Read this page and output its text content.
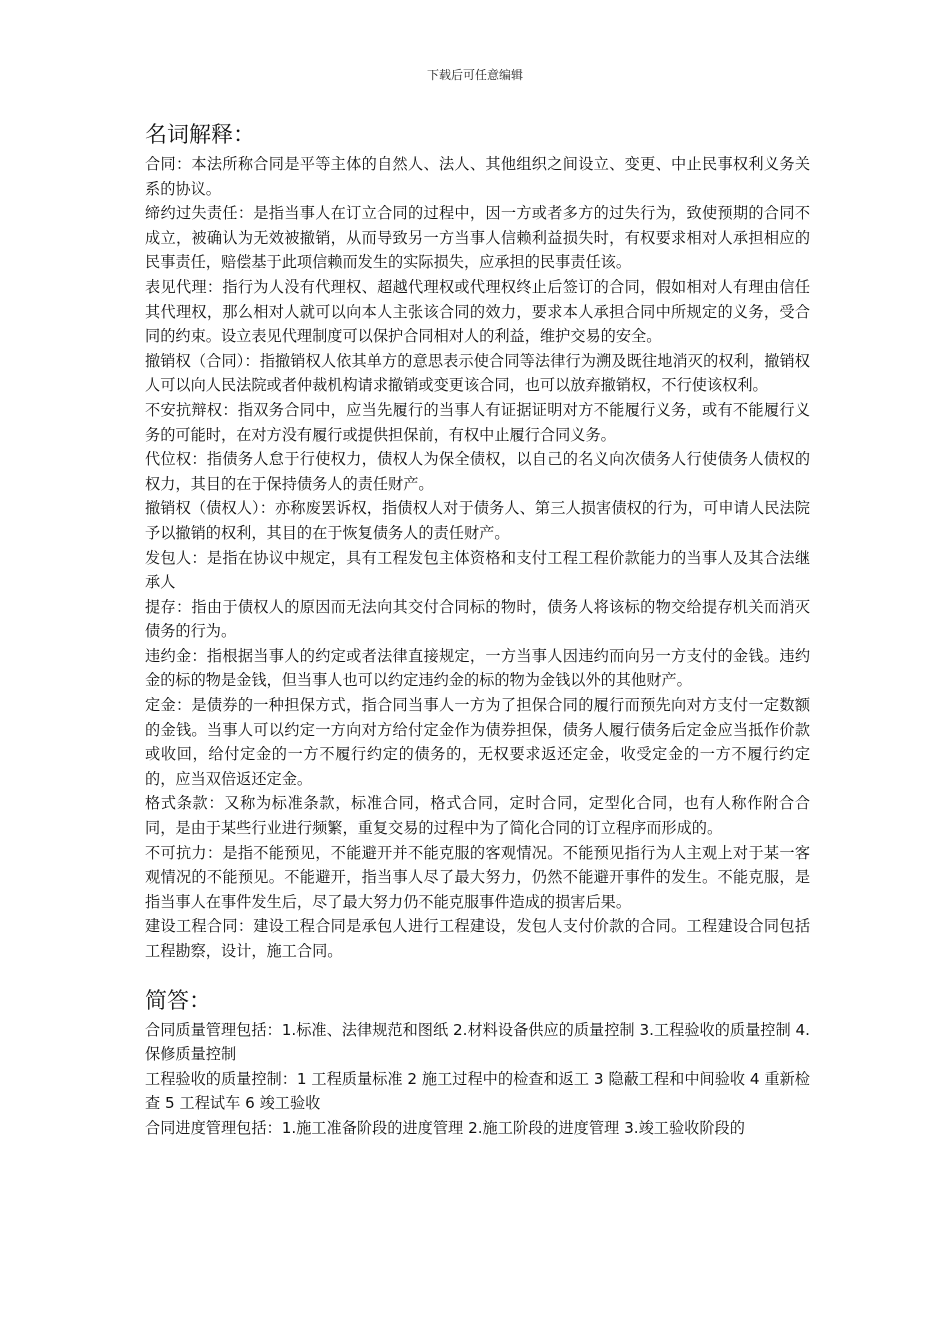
下载后可任意编辑
名词解释：

合同：本法所称合同是平等主体的自然人、法人、其他组织之间设立、变更、中止民事权利义务关系的协议。

缔约过失责任：是指当事人在订立合同的过程中，因一方或者多方的过失行为，致使预期的合同不成立，被确认为无效被撤销，从而导致另一方当事人信赖利益损失时，有权要求相对人承担相应的民事责任，赔偿基于此项信赖而发生的实际损失，应承担的民事责任该。

表见代理：指行为人没有代理权、超越代理权或代理权终止后签订的合同，假如相对人有理由信任其代理权，那么相对人就可以向本人主张该合同的效力，要求本人承担合同中所规定的义务，受合同的约束。设立表见代理制度可以保护合同相对人的利益，维护交易的安全。

撤销权（合同）：指撤销权人依其单方的意思表示使合同等法律行为溯及既往地消灭的权利，撤销权人可以向人民法院或者仲裁机构请求撤销或变更该合同，也可以放弃撤销权，不行使该权利。

不安抗辩权：指双务合同中，应当先履行的当事人有证据证明对方不能履行义务，或有不能履行义务的可能时，在对方没有履行或提供担保前，有权中止履行合同义务。

代位权：指债务人怠于行使权力，债权人为保全债权，以自己的名义向次债务人行使债务人债权的权力，其目的在于保持债务人的责任财产。

撤销权（债权人）：亦称废罢诉权，指债权人对于债务人、第三人损害债权的行为，可申请人民法院予以撤销的权利，其目的在于恢复债务人的责任财产。

发包人：是指在协议中规定，具有工程发包主体资格和支付工程工程价款能力的当事人及其合法继承人

提存：指由于债权人的原因而无法向其交付合同标的物时，债务人将该标的物交给提存机关而消灭债务的行为。

违约金：指根据当事人的约定或者法律直接规定，一方当事人因违约而向另一方支付的金钱。违约金的标的物是金钱，但当事人也可以约定违约金的标的物为金钱以外的其他财产。

定金：是债券的一种担保方式，指合同当事人一方为了担保合同的履行而预先向对方支付一定数额的金钱。当事人可以约定一方向对方给付定金作为债券担保，债务人履行债务后定金应当抵作价款或收回，给付定金的一方不履行约定的债务的，无权要求返还定金，收受定金的一方不履行约定的，应当双倍返还定金。

格式条款：又称为标准条款，标准合同，格式合同，定时合同，定型化合同，也有人称作附合合同，是由于某些行业进行频繁，重复交易的过程中为了简化合同的订立程序而形成的。

不可抗力：是指不能预见，不能避开并不能克服的客观情况。不能预见指行为人主观上对于某一客观情况的不能预见。不能避开，指当事人尽了最大努力，仍然不能避开事件的发生。不能克服，是指当事人在事件发生后，尽了最大努力仍不能克服事件造成的损害后果。

建设工程合同：建设工程合同是承包人进行工程建设，发包人支付价款的合同。工程建设合同包括工程勘察，设计，施工合同。

简答：

合同质量管理包括：1.标准、法律规范和图纸 2.材料设备供应的质量控制 3.工程验收的质量控制 4.保修质量控制

工程验收的质量控制：1 工程质量标准 2 施工过程中的检查和返工 3 隐蔽工程和中间验收 4 重新检查 5 工程试车 6 竣工验收

合同进度管理包括：1.施工准备阶段的进度管理 2.施工阶段的进度管理 3.竣工验收阶段的
